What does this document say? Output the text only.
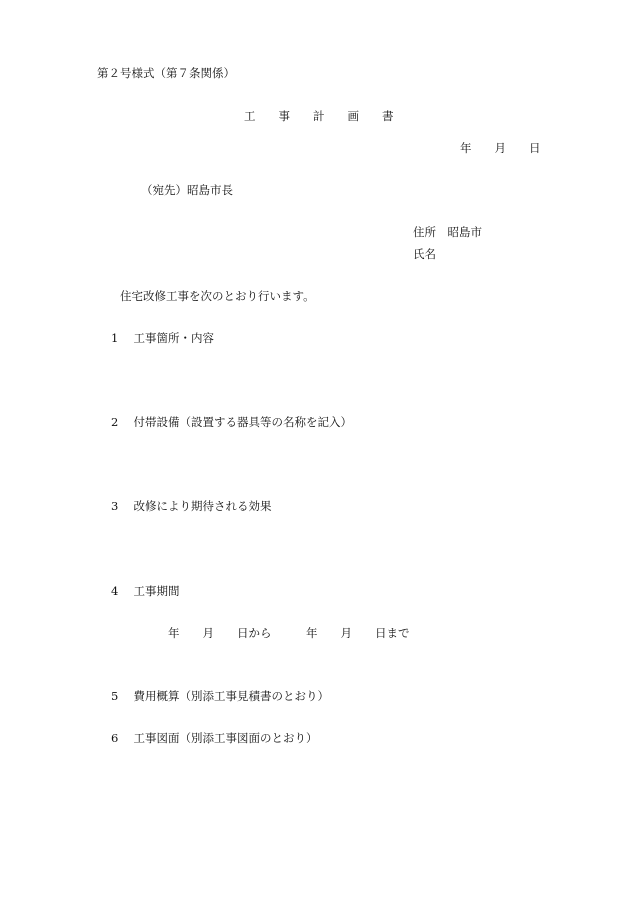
第２号様式（第７条関係）
工　　事　　計　　画　　書
年　　月　　日
（宛先）昭島市長
住所　昭島市
氏名
住宅改修工事を次のとおり行います。
1　 工事箇所・内容
2　 付帯設備（設置する器具等の名称を記入）
3　 改修により期待される効果
4　 工事期間
年　　月　　日から　　　年　　月　　日まで
5　 費用概算（別添工事見積書のとおり）
6　 工事図面（別添工事図面のとおり）
